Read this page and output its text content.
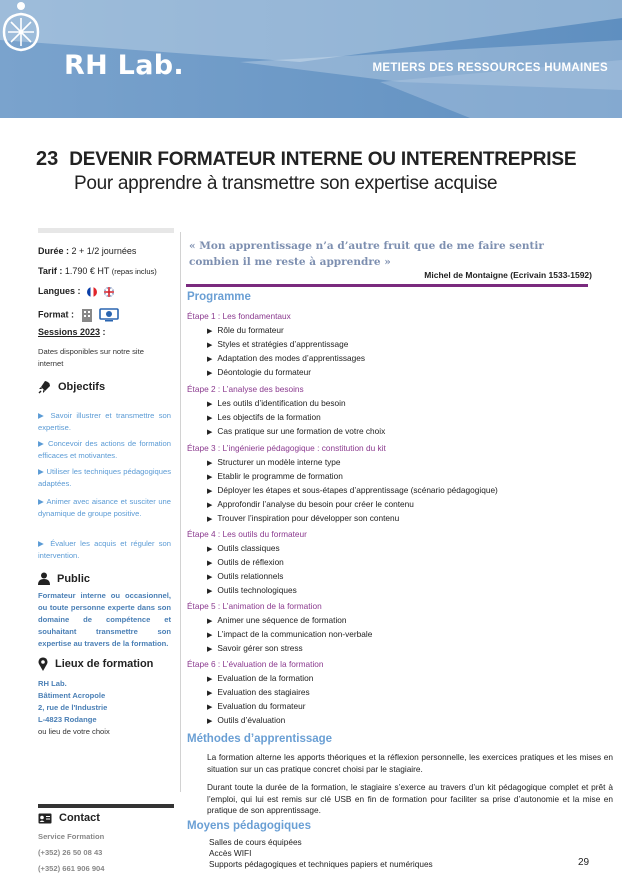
RH Lab.	METIERS DES RESSOURCES HUMAINES
23 DEVENIR FORMATEUR INTERNE OU INTERENTREPRISE
Pour apprendre à transmettre son expertise acquise
Durée : 2 + 1/2 journées
Tarif : 1.790 € HT (repas inclus)
Langues :
Format :
Sessions 2023 :
Dates disponibles sur notre site internet
Objectifs
▶ Savoir illustrer et transmettre son expertise.
▶ Concevoir des actions de formation efficaces et motivantes.
▶ Utiliser les techniques pédagogiques adaptées.
▶ Animer avec aisance et susciter une dynamique de groupe positive.
▶ Évaluer les acquis et réguler son intervention.
Public
Formateur interne ou occasionnel, ou toute personne experte dans son domaine de compétence et souhaitant transmettre son expertise au travers de la formation.
Lieux de formation
RH Lab.
Bâtiment Acropole
2, rue de l'Industrie
L-4823 Rodange
ou lieu de votre choix
Contact
Service Formation
(+352) 26 50 08 43
(+352) 661 906 904
« Mon apprentissage n’a d’autre fruit que de me faire sentir combien il me reste à apprendre »
Michel de Montaigne (Ecrivain 1533-1592)
Programme
Étape 1 : Les fondamentaux
▶ Rôle du formateur
▶ Styles et stratégies d’apprentissage
▶ Adaptation des modes d’apprentissages
▶ Déontologie du formateur
Étape 2 : L’analyse des besoins
▶ Les outils d’identification du besoin
▶ Les objectifs de la formation
▶ Cas pratique sur une formation de votre choix
Étape 3 : L’ingénierie pédagogique : constitution du kit
▶ Structurer un modèle interne type
▶ Etablir le programme de formation
▶ Déployer les étapes et sous-étapes d’apprentissage (scénario pédagogique)
▶ Approfondir l’analyse du besoin pour créer le contenu
▶ Trouver l’inspiration pour développer son contenu
Étape 4 : Les outils du formateur
▶ Outils classiques
▶ Outils de réflexion
▶ Outils relationnels
▶ Outils technologiques
Étape 5 : L’animation de la formation
▶ Animer une séquence de formation
▶ L’impact de la communication non-verbale
▶ Savoir gérer son stress
Étape 6 : L’évaluation de la formation
▶ Evaluation de la formation
▶ Evaluation des stagiaires
▶ Evaluation du formateur
▶ Outils d’évaluation
Méthodes d’apprentissage
La formation alterne les apports théoriques et la réflexion personnelle, les exercices pratiques et les mises en situation sur un cas pratique concret choisi par le stagiaire.
Durant toute la durée de la formation, le stagiaire s’exerce au travers d’un kit pédagogique complet et prêt à l’emploi, qui lui est remis sur clé USB en fin de formation pour faciliter sa prise d’autonomie et la mise en pratique de son apprentissage.
Moyens pédagogiques
Salles de cours équipées
Accès WIFI
Supports pédagogiques et techniques papiers et numériques	29
